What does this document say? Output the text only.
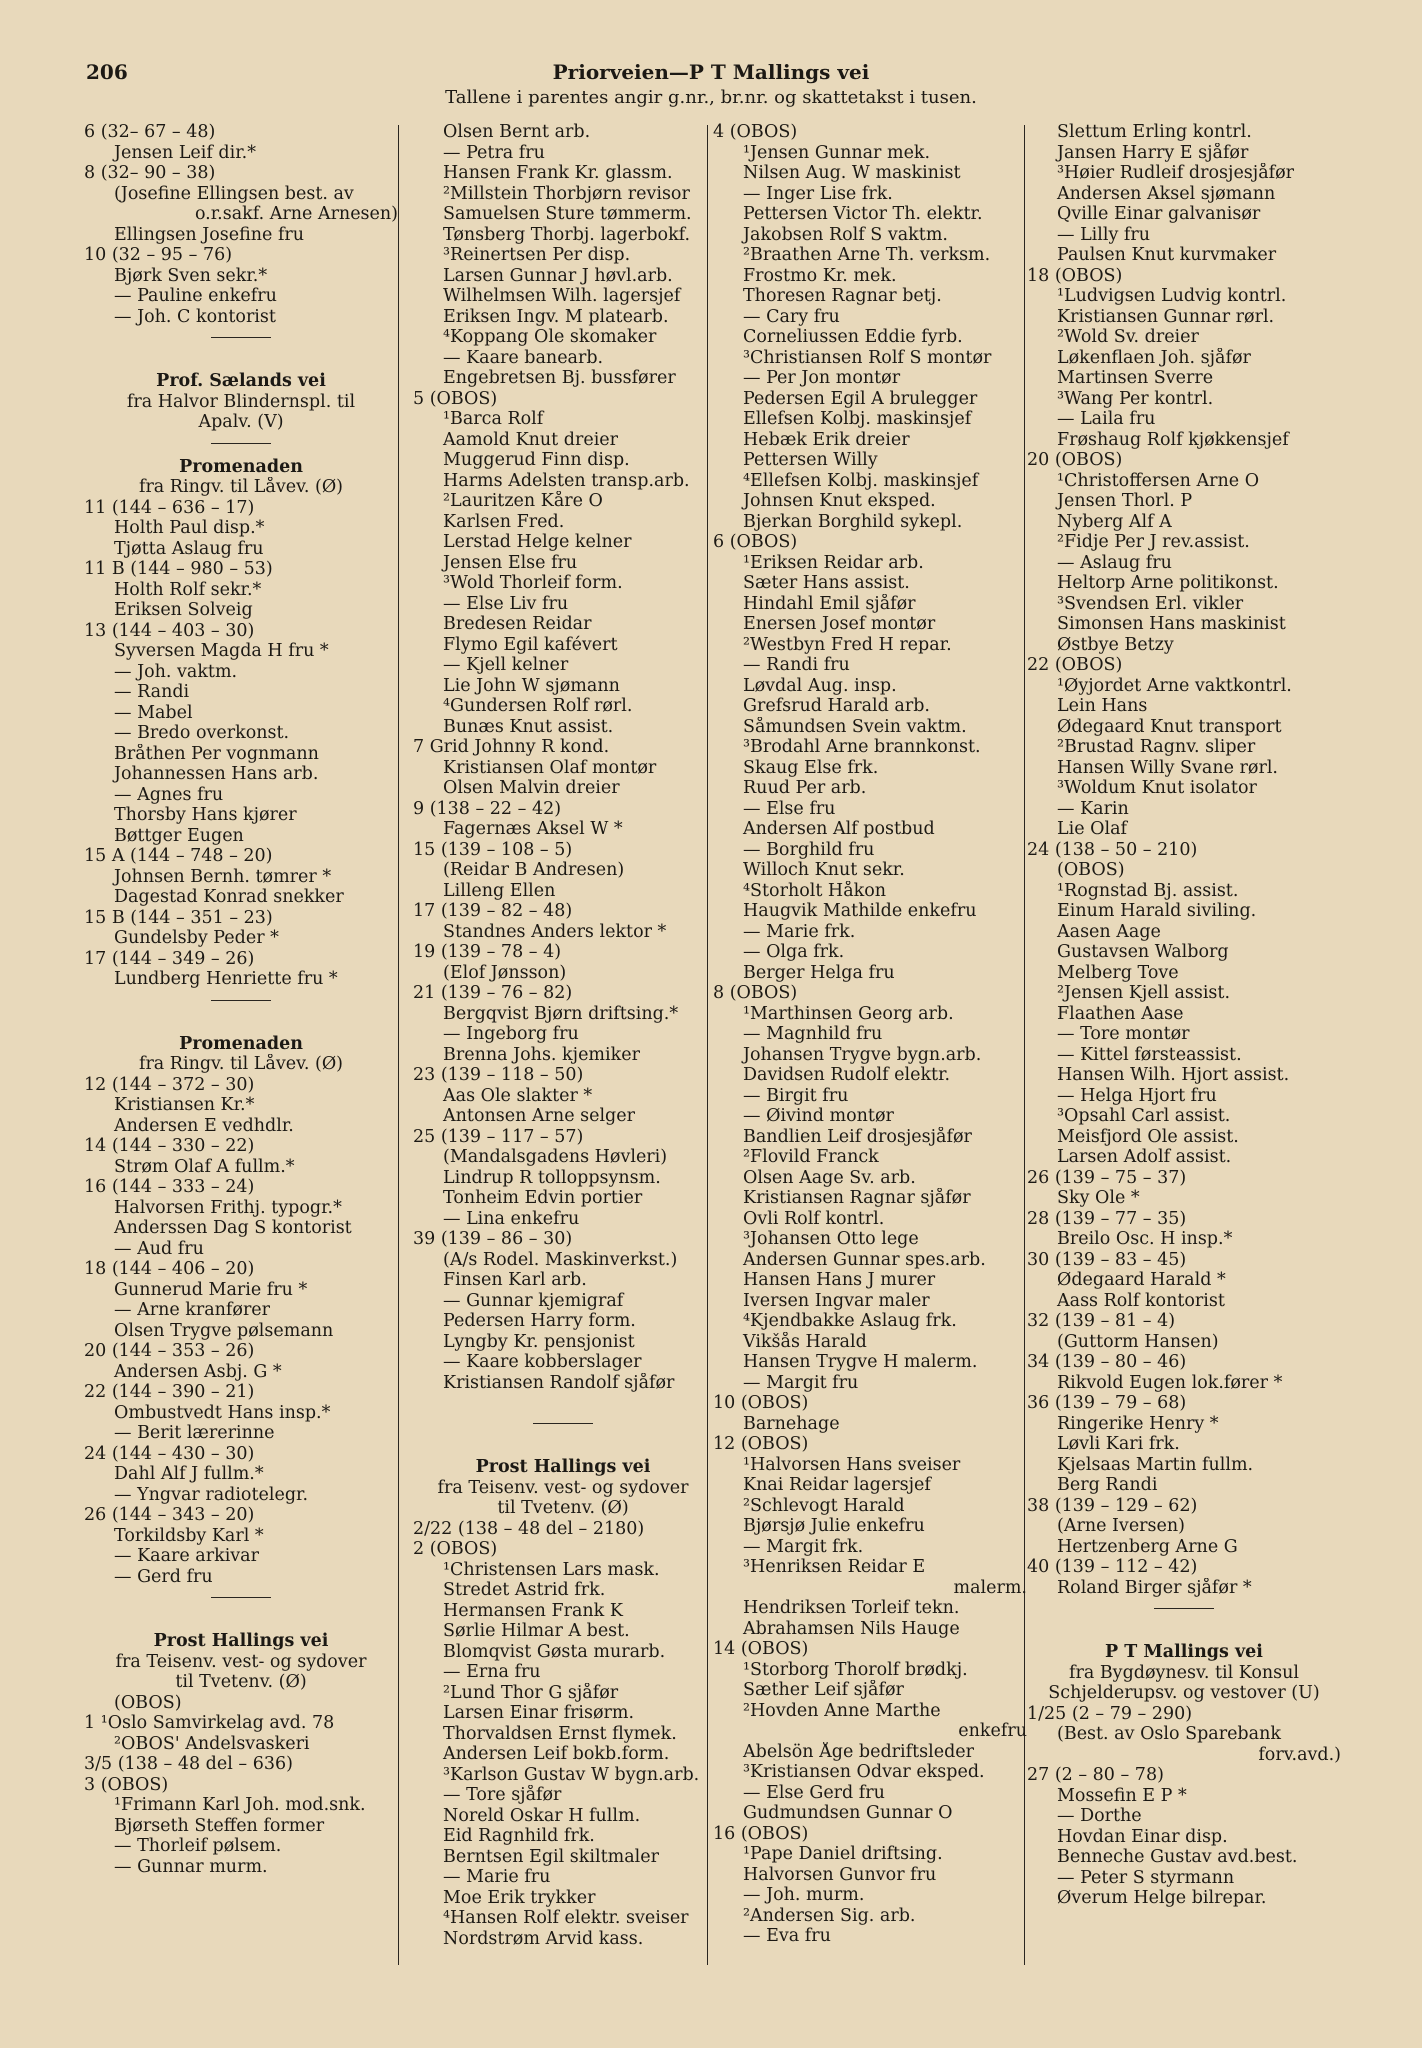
206	Priorveien—P T Mallings vei
Tallene i parentes angir g.nr., br.nr. og skattetakst i tusen.
6 (32– 67 – 48)
Jensen Leif dir.*
8 (32– 90 – 38)
(Josefine Ellingsen best. av
o.r.sakf. Arne Arnesen)
Ellingsen Josefine fru
10 (32 – 95 – 76)
Bjørk Sven sekr.*
— Pauline enkefru
— Joh. C kontorist
Prof. Sælands vei
fra Halvor Blindernspl. til
Apalv. (V)
Promenaden
fra Ringv. til Låvev. (Ø)
11 (144 – 636 – 17)
Holth Paul disp.*
Tjøtta Aslaug fru
11 B (144 – 980 – 53)
Holth Rolf sekr.*
Eriksen Solveig
13 (144 – 403 – 30)
Syversen Magda H fru *
— Joh. vaktm.
— Randi
— Mabel
— Bredo overkonst.
Bråthen Per vognmann
Johannessen Hans arb.
— Agnes fru
Thorsby Hans kjører
Bøttger Eugen
15 A (144 – 748 – 20)
Johnsen Bernh. tømrer *
Dagestad Konrad snekker
15 B (144 – 351 – 23)
Gundelsby Peder *
17 (144 – 349 – 26)
Lundberg Henriette fru *
Promenaden
fra Ringv. til Låvev. (Ø)
12 (144 – 372 – 30)
Kristiansen Kr.*
Andersen E vedhdlr.
14 (144 – 330 – 22)
Strøm Olaf A fullm.*
16 (144 – 333 – 24)
Halvorsen Frithj. typogr.*
Anderssen Dag S kontorist
— Aud fru
18 (144 – 406 – 20)
Gunnerud Marie fru *
— Arne kranfører
Olsen Trygve pølsemann
20 (144 – 353 – 26)
Andersen Asbj. G *
22 (144 – 390 – 21)
Ombustvedt Hans insp.*
— Berit lærerinne
24 (144 – 430 – 30)
Dahl Alf J fullm.*
— Yngvar radiotelegr.
26 (144 – 343 – 20)
Torkildsby Karl *
— Kaare arkivar
— Gerd fru
Prost Hallings vei
fra Teisenv. vest- og sydover
til Tvetenv. (Ø)
(OBOS)
1 ¹Oslo Samvirkelag avd. 78
²OBOS' Andelsvaskeri
3/5 (138 – 48 del – 636)
3 (OBOS)
¹Frimann Karl Joh. mod.snk.
Bjørseth Steffen former
— Thorleif pølsem.
— Gunnar murm.
Olsen Bernt arb.
— Petra fru
Hansen Frank Kr. glassm.
²Millstein Thorbjørn revisor
Samuelsen Sture tømmerm.
Tønsberg Thorbj. lagerbokf.
³Reinertsen Per disp.
Larsen Gunnar J høvl.arb.
Wilhelmsen Wilh. lagersjef
Eriksen Ingv. M platearb.
⁴Koppang Ole skomaker
— Kaare banearb.
Engebretsen Bj. bussfører
5 (OBOS)
¹Barca Rolf
Aamold Knut dreier
Muggerud Finn disp.
Harms Adelsten transp.arb.
²Lauritzen Kåre O
Karlsen Fred.
Lerstad Helge kelner
Jensen Else fru
³Wold Thorleif form.
— Else Liv fru
Bredesen Reidar
Flymo Egil kafévert
— Kjell kelner
Lie John W sjømann
⁴Gundersen Rolf rørl.
Bunæs Knut assist.
7 Grid Johnny R kond.
Kristiansen Olaf montør
Olsen Malvin dreier
9 (138 – 22 – 42)
Fagernæs Aksel W *
15 (139 – 108 – 5)
(Reidar B Andresen)
Lilleng Ellen
17 (139 – 82 – 48)
Standnes Anders lektor *
19 (139 – 78 – 4)
(Elof Jønsson)
21 (139 – 76 – 82)
Bergqvist Bjørn driftsing.*
— Ingeborg fru
Brenna Johs. kjemiker
23 (139 – 118 – 50)
Aas Ole slakter *
Antonsen Arne selger
25 (139 – 117 – 57)
(Mandalsgadens Høvleri)
Lindrup R tolloppsynsm.
Tonheim Edvin portier
— Lina enkefru
39 (139 – 86 – 30)
(A/s Rodel. Maskinverkst.)
Finsen Karl arb.
— Gunnar kjemigraf
Pedersen Harry form.
Lyngby Kr. pensjonist
— Kaare kobberslager
Kristiansen Randolf sjåfør
Prost Hallings vei
fra Teisenv. vest- og sydover
til Tvetenv. (Ø)
2/22 (138 – 48 del – 2180)
2 (OBOS)
¹Christensen Lars mask.
Stredet Astrid frk.
Hermansen Frank K
Sørlie Hilmar A best.
Blomqvist Gøsta murarb.
— Erna fru
²Lund Thor G sjåfør
Larsen Einar frisørm.
Thorvaldsen Ernst flymek.
Andersen Leif bokb.form.
³Karlson Gustav W bygn.arb.
— Tore sjåfør
Noreld Oskar H fullm.
Eid Ragnhild frk.
Berntsen Egil skiltmaler
— Marie fru
Moe Erik trykker
⁴Hansen Rolf elektr. sveiser
Nordstrøm Arvid kass.
4 (OBOS)
¹Jensen Gunnar mek.
Nilsen Aug. W maskinist
— Inger Lise frk.
Pettersen Victor Th. elektr.
Jakobsen Rolf S vaktm.
²Braathen Arne Th. verksm.
Frostmo Kr. mek.
Thoresen Ragnar betj.
— Cary fru
Corneliussen Eddie fyrb.
³Christiansen Rolf S montør
— Per Jon montør
Pedersen Egil A brulegger
Ellefsen Kolbj. maskinsjef
Hebæk Erik dreier
Pettersen Willy
⁴Ellefsen Kolbj. maskinsjef
Johnsen Knut eksped.
Bjerkan Borghild sykepl.
6 (OBOS)
¹Eriksen Reidar arb.
Sæter Hans assist.
Hindahl Emil sjåfør
Enersen Josef montør
²Westbyn Fred H repar.
— Randi fru
Løvdal Aug. insp.
Grefsrud Harald arb.
Såmundsen Svein vaktm.
³Brodahl Arne brannkonst.
Skaug Else frk.
Ruud Per arb.
— Else fru
Andersen Alf postbud
— Borghild fru
Willoch Knut sekr.
⁴Storholt Håkon
Haugvik Mathilde enkefru
— Marie frk.
— Olga frk.
Berger Helga fru
8 (OBOS)
¹Marthinsen Georg arb.
— Magnhild fru
Johansen Trygve bygn.arb.
Davidsen Rudolf elektr.
— Birgit fru
— Øivind montør
Bandlien Leif drosjesjåfør
²Flovild Franck
Olsen Aage Sv. arb.
Kristiansen Ragnar sjåfør
Ovli Rolf kontrl.
³Johansen Otto lege
Andersen Gunnar spes.arb.
Hansen Hans J murer
Iversen Ingvar maler
⁴Kjendbakke Aslaug frk.
Vikšås Harald
Hansen Trygve H malerm.
— Margit fru
10 (OBOS)
Barnehage
12 (OBOS)
¹Halvorsen Hans sveiser
Knai Reidar lagersjef
²Schlevogt Harald
Bjørsjø Julie enkefru
— Margit frk.
³Henriksen Reidar E
malerm.
Hendriksen Torleif tekn.
Abrahamsen Nils Hauge
14 (OBOS)
¹Storborg Thorolf brødkj.
Sæther Leif sjåfør
²Hovden Anne Marthe
enkefru
Abelsön Åge bedriftsleder
³Kristiansen Odvar eksped.
— Else Gerd fru
Gudmundsen Gunnar O
16 (OBOS)
¹Pape Daniel driftsing.
Halvorsen Gunvor fru
— Joh. murm.
²Andersen Sig. arb.
— Eva fru
Slettum Erling kontrl.
Jansen Harry E sjåfør
³Høier Rudleif drosjesjåfør
Andersen Aksel sjømann
Qville Einar galvanisør
— Lilly fru
Paulsen Knut kurvmaker
18 (OBOS)
¹Ludvigsen Ludvig kontrl.
Kristiansen Gunnar rørl.
²Wold Sv. dreier
Løkenflaen Joh. sjåfør
Martinsen Sverre
³Wang Per kontrl.
— Laila fru
Frøshaug Rolf kjøkkensjef
20 (OBOS)
¹Christoffersen Arne O
Jensen Thorl. P
Nyberg Alf A
²Fidje Per J rev.assist.
— Aslaug fru
Heltorp Arne politikonst.
³Svendsen Erl. vikler
Simonsen Hans maskinist
Østbye Betzy
22 (OBOS)
¹Øyjordet Arne vaktkontrl.
Lein Hans
Ødegaard Knut transport
²Brustad Ragnv. sliper
Hansen Willy Svane rørl.
³Woldum Knut isolator
— Karin
Lie Olaf
24 (138 – 50 – 210)
(OBOS)
¹Rognstad Bj. assist.
Einum Harald siviling.
Aasen Aage
Gustavsen Walborg
Melberg Tove
²Jensen Kjell assist.
Flaathen Aase
— Tore montør
— Kittel førsteassist.
Hansen Wilh. Hjort assist.
— Helga Hjort fru
³Opsahl Carl assist.
Meisfjord Ole assist.
Larsen Adolf assist.
26 (139 – 75 – 37)
Sky Ole *
28 (139 – 77 – 35)
Breilo Osc. H insp.*
30 (139 – 83 – 45)
Ødegaard Harald *
Aass Rolf kontorist
32 (139 – 81 – 4)
(Guttorm Hansen)
34 (139 – 80 – 46)
Rikvold Eugen lok.fører *
36 (139 – 79 – 68)
Ringerike Henry *
Løvli Kari frk.
Kjelsaas Martin fullm.
Berg Randi
38 (139 – 129 – 62)
(Arne Iversen)
Hertzenberg Arne G
40 (139 – 112 – 42)
Roland Birger sjåfør *
P T Mallings vei
fra Bygdøynesv. til Konsul
Schjelderupsv. og vestover (U)
1/25 (2 – 79 – 290)
(Best. av Oslo Sparebank
forv.avd.)
27 (2 – 80 – 78)
Mossefin E P *
— Dorthe
Hovdan Einar disp.
Benneche Gustav avd.best.
— Peter S styrmann
Øverum Helge bilrepar.
